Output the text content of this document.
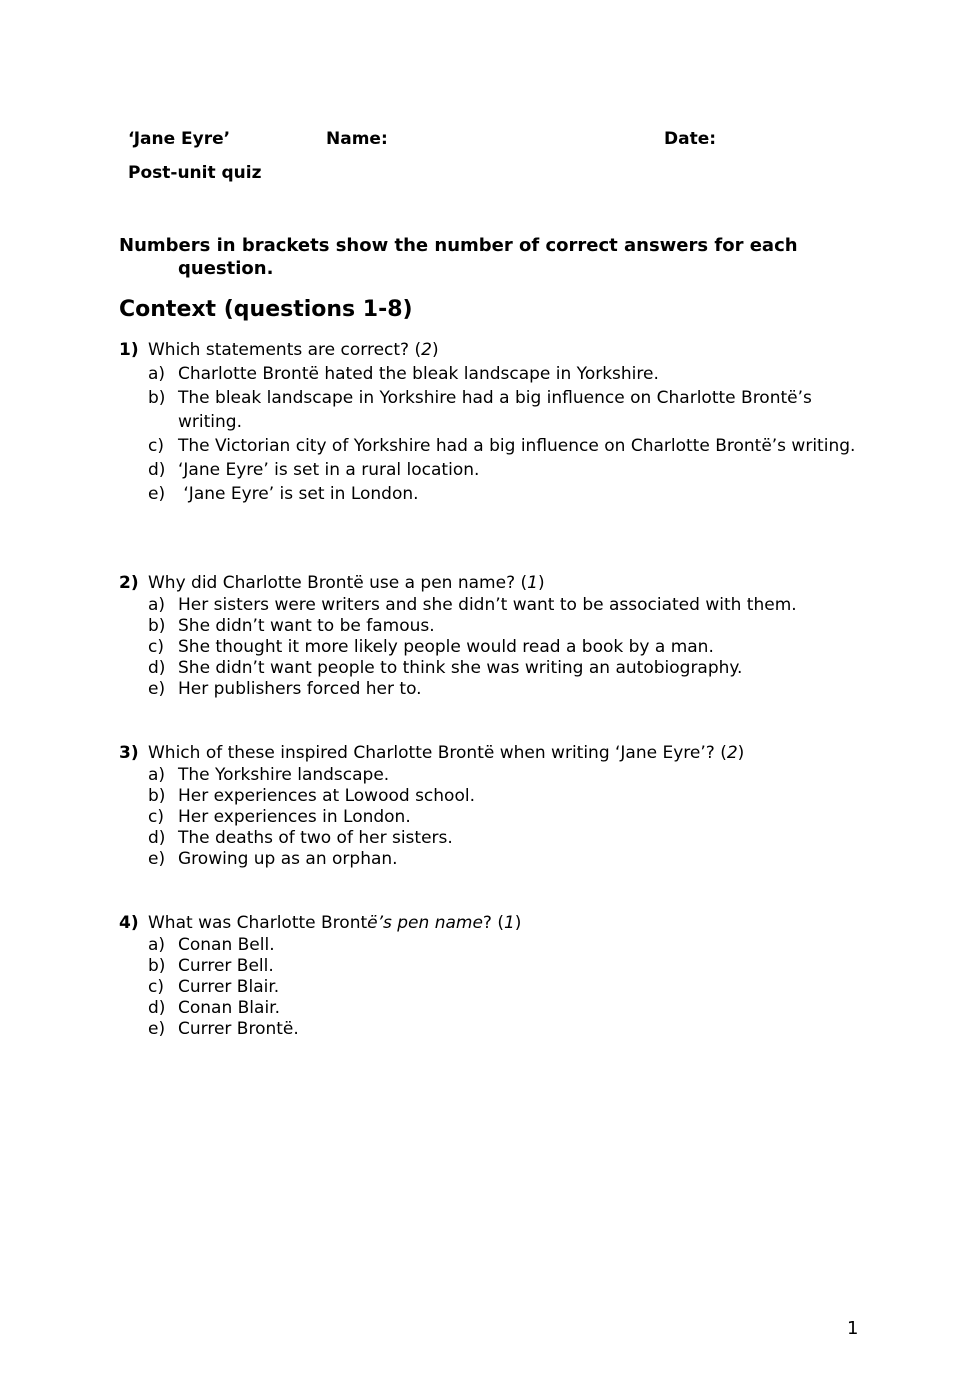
‘Jane Eyre’	Name:	Date:
Post-unit quiz
Numbers in brackets show the number of correct answers for each question.
Context (questions 1-8)
1) Which statements are correct? (2)
a) Charlotte Brontë hated the bleak landscape in Yorkshire.
b) The bleak landscape in Yorkshire had a big influence on Charlotte Brontë’s writing.
c) The Victorian city of Yorkshire had a big influence on Charlotte Brontë’s writing.
d) ‘Jane Eyre’ is set in a rural location.
e) ‘Jane Eyre’ is set in London.
2) Why did Charlotte Brontë use a pen name? (1)
a) Her sisters were writers and she didn’t want to be associated with them.
b) She didn’t want to be famous.
c) She thought it more likely people would read a book by a man.
d) She didn’t want people to think she was writing an autobiography.
e) Her publishers forced her to.
3) Which of these inspired Charlotte Brontë when writing ‘Jane Eyre’? (2)
a) The Yorkshire landscape.
b) Her experiences at Lowood school.
c) Her experiences in London.
d) The deaths of two of her sisters.
e) Growing up as an orphan.
4) What was Charlotte Brontë’s pen name? (1)
a) Conan Bell.
b) Currer Bell.
c) Currer Blair.
d) Conan Blair.
e) Currer Brontë.
1
